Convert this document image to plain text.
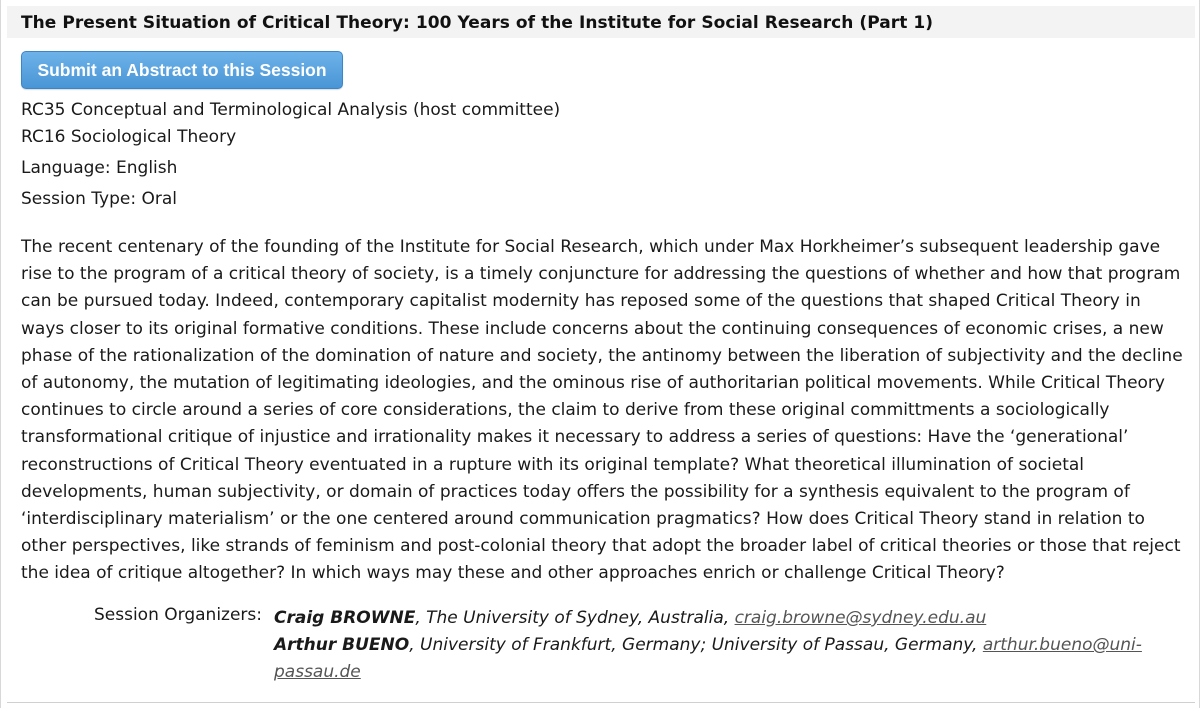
The Present Situation of Critical Theory: 100 Years of the Institute for Social Research (Part 1)
Submit an Abstract to this Session
RC35 Conceptual and Terminological Analysis (host committee)
RC16 Sociological Theory
Language: English
Session Type: Oral

The recent centenary of the founding of the Institute for Social Research, which under Max Horkheimer’s subsequent leadership gave
rise to the program of a critical theory of society, is a timely conjuncture for addressing the questions of whether and how that program
can be pursued today. Indeed, contemporary capitalist modernity has reposed some of the questions that shaped Critical Theory in
ways closer to its original formative conditions. These include concerns about the continuing consequences of economic crises, a new
phase of the rationalization of the domination of nature and society, the antinomy between the liberation of subjectivity and the decline
of autonomy, the mutation of legitimating ideologies, and the ominous rise of authoritarian political movements. While Critical Theory
continues to circle around a series of core considerations, the claim to derive from these original committments a sociologically
transformational critique of injustice and irrationality makes it necessary to address a series of questions: Have the ‘generational’
reconstructions of Critical Theory eventuated in a rupture with its original template? What theoretical illumination of societal
developments, human subjectivity, or domain of practices today offers the possibility for a synthesis equivalent to the program of
‘interdisciplinary materialism’ or the one centered around communication pragmatics? How does Critical Theory stand in relation to
other perspectives, like strands of feminism and post-colonial theory that adopt the broader label of critical theories or those that reject
the idea of critique altogether? In which ways may these and other approaches enrich or challenge Critical Theory?

Session Organizers: Craig BROWNE, The University of Sydney, Australia, craig.browne@sydney.edu.au
Arthur BUENO, University of Frankfurt, Germany; University of Passau, Germany, arthur.bueno@uni-
passau.de
